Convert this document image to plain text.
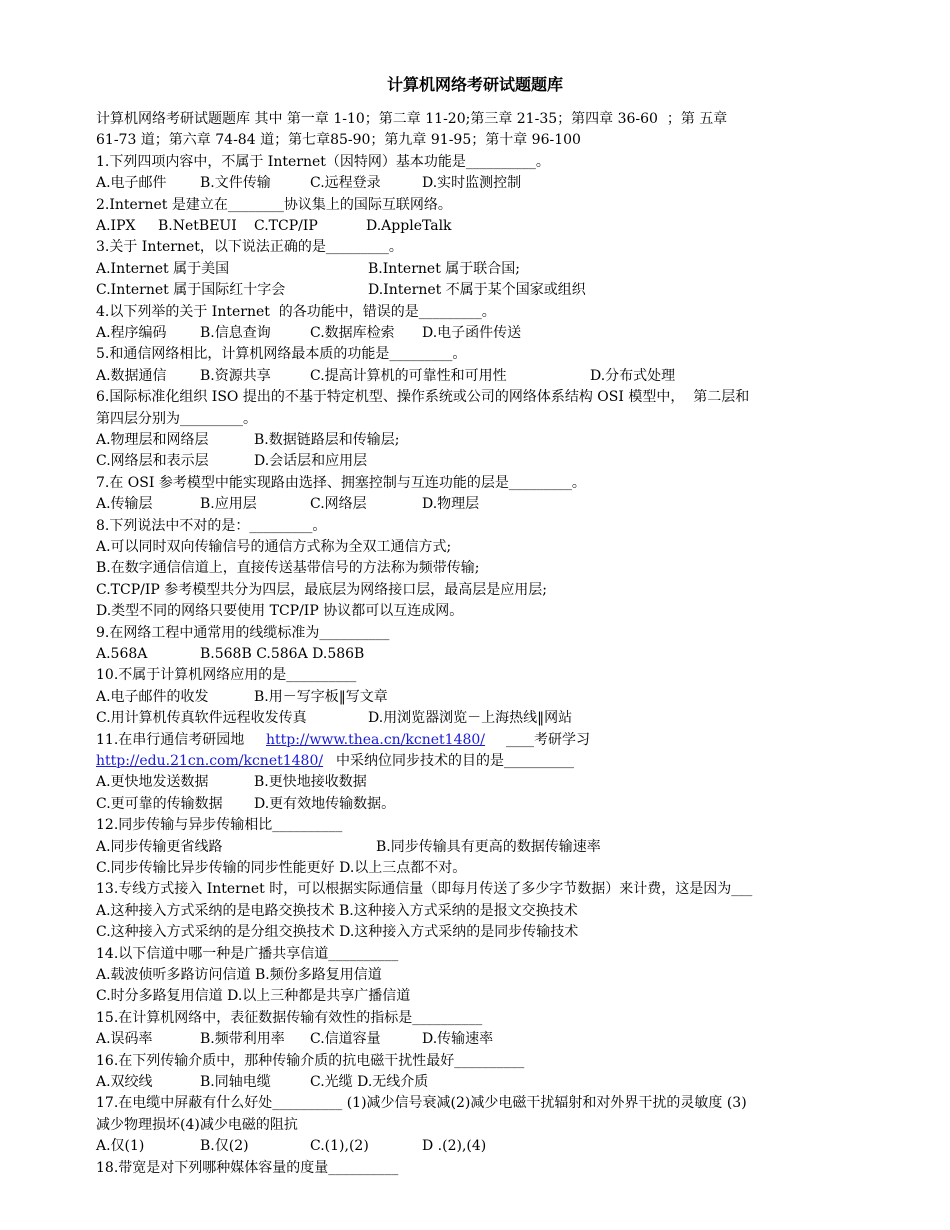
计算机网络考研试题题库
计算机网络考研试题题库 其中 第一章 1-10；第二章 11-20;第三章 21-35；第四章 36-60  ；第 五章
61-73 道；第六章 74-84 道；第七章85-90；第九章 91-95；第十章 96-100
1.下列四项内容中，不属于 Internet（因特网）基本功能是__________。
A.电子邮件 B.文件传输	C.远程登录	D.实时监测控制
2.Internet 是建立在________协议集上的国际互联网络。
A.IPX B.NetBEUI C.TCP/IP	D.AppleTalk
3.关于 Internet，以下说法正确的是_________。
A.Internet 属于美国	B.Internet 属于联合国;
C.Internet 属于国际红十字会	D.Internet 不属于某个国家或组织
4.以下列举的关于 Internet  的各功能中，错误的是_________。
A.程序编码 B.信息查询	C.数据库检索 D.电子函件传送
5.和通信网络相比，计算机网络最本质的功能是_________。
A.数据通信 B.资源共享	C.提高计算机的可靠性和可用性	D.分布式处理
6.国际标准化组织 ISO 提出的不基于特定机型、操作系统或公司的网络体系结构 OSI 模型中，  第二层和
第四层分别为_________。
A.物理层和网络层	B.数据链路层和传输层;
C.网络层和表示层	D.会话层和应用层
7.在 OSI 参考模型中能实现路由选择、拥塞控制与互连功能的层是_________。
A.传输层	B.应用层	C.网络层	D.物理层
8.下列说法中不对的是：_________。
A.可以同时双向传输信号的通信方式称为全双工通信方式;
B.在数字通信信道上，直接传送基带信号的方法称为频带传输;
C.TCP/IP 参考模型共分为四层，最底层为网络接口层，最高层是应用层;
D.类型不同的网络只要使用 TCP/IP 协议都可以互连成网。
9.在网络工程中通常用的线缆标准为__________
A.568A	B.568B C.586A D.586B
10.不属于计算机网络应用的是__________
A.电子邮件的收发	B.用－写字板‖写文章
C.用计算机传真软件远程收发传真	D.用浏览器浏览－上海热线‖网站
11.在串行通信考研园地 http://www.thea.cn/kcnet1480/ ____考研学习
http://edu.21cn.com/kcnet1480/ 中采纳位同步技术的目的是__________
A.更快地发送数据	B.更快地接收数据
C.更可靠的传输数据 D.更有效地传输数据。
12.同步传输与异步传输相比__________
A.同步传输更省线路	B.同步传输具有更高的数据传输速率
C.同步传输比异步传输的同步性能更好 D.以上三点都不对。
13.专线方式接入 Internet 时，可以根据实际通信量（即每月传送了多少字节数据）来计费，这是因为___
A.这种接入方式采纳的是电路交换技术 B.这种接入方式采纳的是报文交换技术
C.这种接入方式采纳的是分组交换技术 D.这种接入方式采纳的是同步传输技术
14.以下信道中哪一种是广播共享信道__________
A.载波侦听多路访问信道 B.频份多路复用信道
C.时分多路复用信道 D.以上三种都是共享广播信道
15.在计算机网络中，表征数据传输有效性的指标是__________
A.误码率	B.频带利用率 C.信道容量	D.传输速率
16.在下列传输介质中，那种传输介质的抗电磁干扰性最好__________
A.双绞线	B.同轴电缆	C.光缆 D.无线介质
17.在电缆中屏蔽有什么好处__________ (1)减少信号衰减(2)减少电磁干扰辐射和对外界干扰的灵敏度 (3)
减少物理损坏(4)减少电磁的阻抗
A.仅(1)	B.仅(2)	C.(1),(2)	D .(2),(4)
18.带宽是对下列哪种媒体容量的度量__________
